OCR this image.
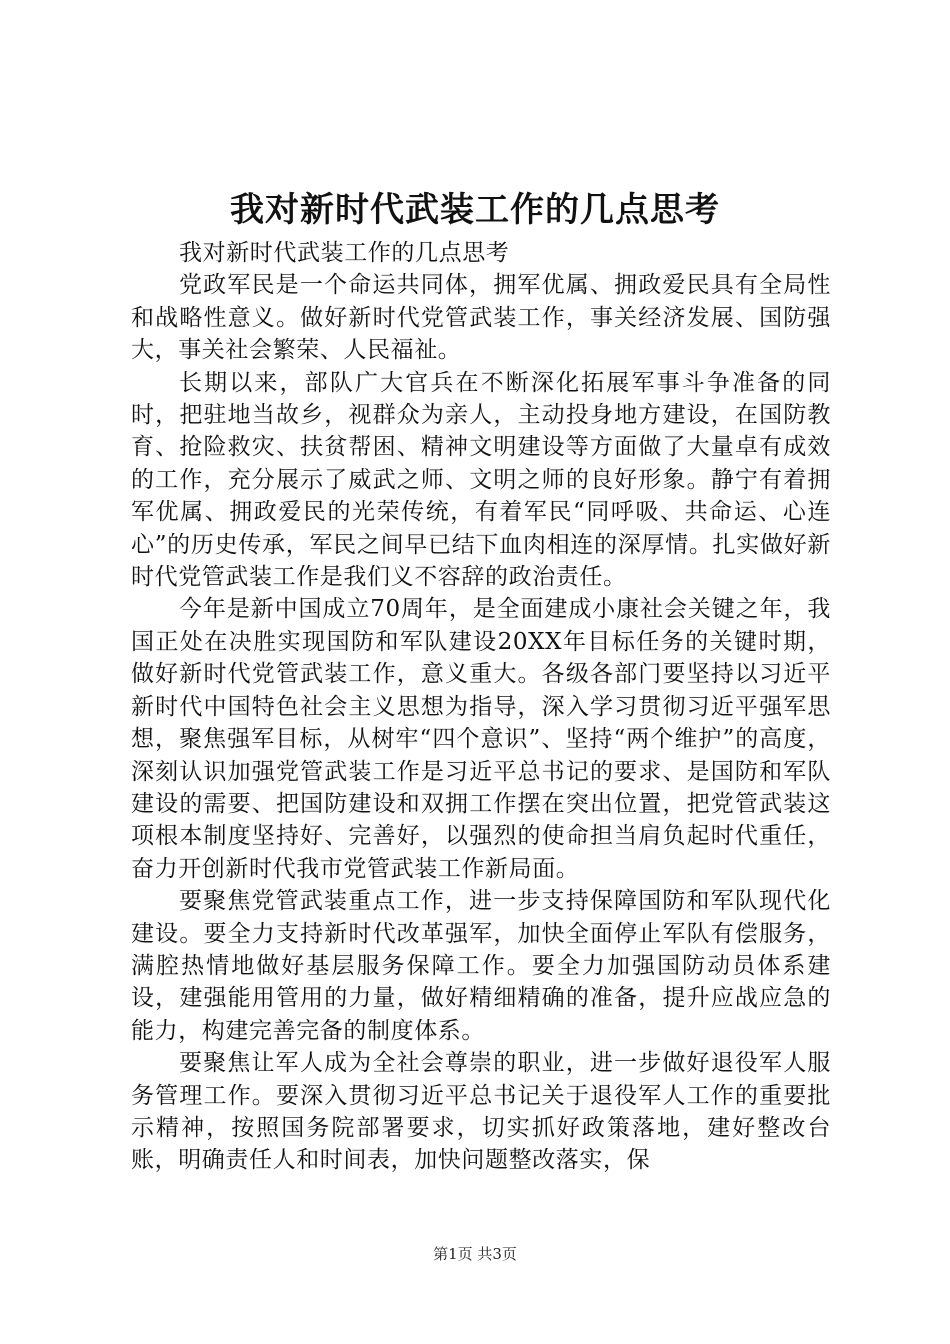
我对新时代武装工作的几点思考

我对新时代武装工作的几点思考

党政军民是一个命运共同体，拥军优属、拥政爱民具有全局性和战略性意义。做好新时代党管武装工作，事关经济发展、国防强大，事关社会繁荣、人民福祉。

长期以来，部队广大官兵在不断深化拓展军事斗争准备的同时，把驻地当故乡，视群众为亲人，主动投身地方建设，在国防教育、抢险救灾、扶贫帮困、精神文明建设等方面做了大量卓有成效的工作，充分展示了威武之师、文明之师的良好形象。静宁有着拥军优属、拥政爱民的光荣传统，有着军民“同呼吸、共命运、心连心”的历史传承，军民之间早已结下血肉相连的深厚情。扎实做好新时代党管武装工作是我们义不容辞的政治责任。

今年是新中国成立70周年，是全面建成小康社会关键之年，我国正处在决胜实现国防和军队建设20XX年目标任务的关键时期，做好新时代党管武装工作，意义重大。各级各部门要坚持以习近平新时代中国特色社会主义思想为指导，深入学习贯彻习近平强军思想，聚焦强军目标，从树牢“四个意识”、坚持“两个维护”的高度，深刻认识加强党管武装工作是习近平总书记的要求、是国防和军队建设的需要、把国防建设和双拥工作摆在突出位置，把党管武装这项根本制度坚持好、完善好，以强烈的使命担当肩负起时代重任，奋力开创新时代我市党管武装工作新局面。

要聚焦党管武装重点工作，进一步支持保障国防和军队现代化建设。要全力支持新时代改革强军，加快全面停止军队有偿服务，满腔热情地做好基层服务保障工作。要全力加强国防动员体系建设，建强能用管用的力量，做好精细精确的准备，提升应战应急的能力，构建完善完备的制度体系。

要聚焦让军人成为全社会尊崇的职业，进一步做好退役军人服务管理工作。要深入贯彻习近平总书记关于退役军人工作的重要批示精神，按照国务院部署要求，切实抓好政策落地，建好整改台账，明确责任人和时间表，加快问题整改落实，保

第1页 共3页
